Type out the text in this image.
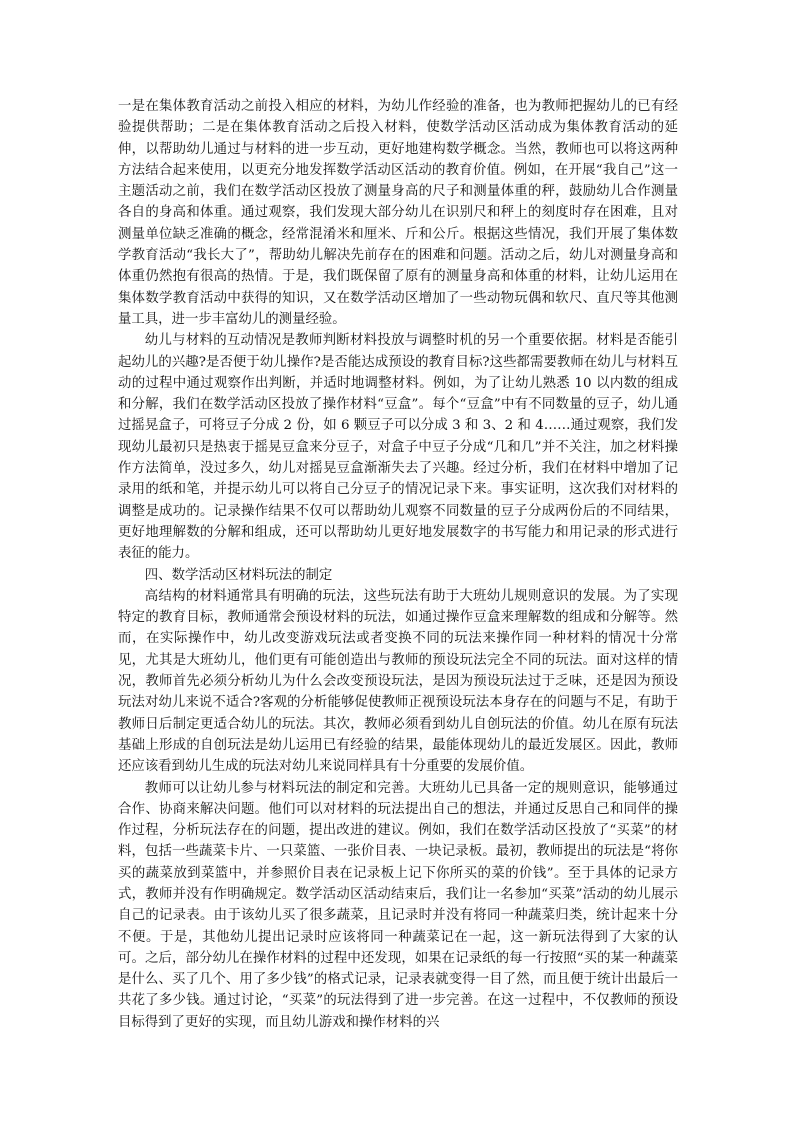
一是在集体教育活动之前投入相应的材料，为幼儿作经验的准备，也为教师把握幼儿的已有经验提供帮助；二是在集体教育活动之后投入材料，使数学活动区活动成为集体教育活动的延伸，以帮助幼儿通过与材料的进一步互动，更好地建构数学概念。当然，教师也可以将这两种方法结合起来使用，以更充分地发挥数学活动区活动的教育价值。例如，在开展“我自己”这一主题活动之前，我们在数学活动区投放了测量身高的尺子和测量体重的秤，鼓励幼儿合作测量各自的身高和体重。通过观察，我们发现大部分幼儿在识别尺和秤上的刻度时存在困难，且对测量单位缺乏准确的概念，经常混淆米和厘米、斤和公斤。根据这些情况，我们开展了集体数学教育活动“我长大了”，帮助幼儿解决先前存在的困难和问题。活动之后，幼儿对测量身高和体重仍然抱有很高的热情。于是，我们既保留了原有的测量身高和体重的材料，让幼儿运用在集体数学教育活动中获得的知识，又在数学活动区增加了一些动物玩偶和软尺、直尺等其他测量工具，进一步丰富幼儿的测量经验。

幼儿与材料的互动情况是教师判断材料投放与调整时机的另一个重要依据。材料是否能引起幼儿的兴趣?是否便于幼儿操作?是否能达成预设的教育目标?这些都需要教师在幼儿与材料互动的过程中通过观察作出判断，并适时地调整材料。例如，为了让幼儿熟悉 10 以内数的组成和分解，我们在数学活动区投放了操作材料“豆盒”。每个“豆盒”中有不同数量的豆子，幼儿通过摇晃盒子，可将豆子分成 2 份，如 6 颗豆子可以分成 3 和 3、2 和 4……通过观察，我们发现幼儿最初只是热衷于摇晃豆盒来分豆子，对盒子中豆子分成“几和几”并不关注，加之材料操作方法简单，没过多久，幼儿对摇晃豆盒渐渐失去了兴趣。经过分析，我们在材料中增加了记录用的纸和笔，并提示幼儿可以将自己分豆子的情况记录下来。事实证明，这次我们对材料的调整是成功的。记录操作结果不仅可以帮助幼儿观察不同数量的豆子分成两份后的不同结果，更好地理解数的分解和组成，还可以帮助幼儿更好地发展数字的书写能力和用记录的形式进行表征的能力。

四、数学活动区材料玩法的制定

高结构的材料通常具有明确的玩法，这些玩法有助于大班幼儿规则意识的发展。为了实现特定的教育目标，教师通常会预设材料的玩法，如通过操作豆盒来理解数的组成和分解等。然而，在实际操作中，幼儿改变游戏玩法或者变换不同的玩法来操作同一种材料的情况十分常见，尤其是大班幼儿，他们更有可能创造出与教师的预设玩法完全不同的玩法。面对这样的情况，教师首先必须分析幼儿为什么会改变预设玩法，是因为预设玩法过于乏味，还是因为预设玩法对幼儿来说不适合?客观的分析能够促使教师正视预设玩法本身存在的问题与不足，有助于教师日后制定更适合幼儿的玩法。其次，教师必须看到幼儿自创玩法的价值。幼儿在原有玩法基础上形成的自创玩法是幼儿运用已有经验的结果，最能体现幼儿的最近发展区。因此，教师还应该看到幼儿生成的玩法对幼儿来说同样具有十分重要的发展价值。

教师可以让幼儿参与材料玩法的制定和完善。大班幼儿已具备一定的规则意识，能够通过合作、协商来解决问题。他们可以对材料的玩法提出自己的想法，并通过反思自己和同伴的操作过程，分析玩法存在的问题，提出改进的建议。例如，我们在数学活动区投放了“买菜”的材料，包括一些蔬菜卡片、一只菜篮、一张价目表、一块记录板。最初，教师提出的玩法是“将你买的蔬菜放到菜篮中，并参照价目表在记录板上记下你所买的菜的价钱”。至于具体的记录方式，教师并没有作明确规定。数学活动区活动结束后，我们让一名参加“买菜”活动的幼儿展示自己的记录表。由于该幼儿买了很多蔬菜，且记录时并没有将同一种蔬菜归类，统计起来十分不便。于是，其他幼儿提出记录时应该将同一种蔬菜记在一起，这一新玩法得到了大家的认可。之后，部分幼儿在操作材料的过程中还发现，如果在记录纸的每一行按照“买的某一种蔬菜是什么、买了几个、用了多少钱”的格式记录，记录表就变得一目了然，而且便于统计出最后一共花了多少钱。通过讨论，“买菜”的玩法得到了进一步完善。在这一过程中，不仅教师的预设目标得到了更好的实现，而且幼儿游戏和操作材料的兴
